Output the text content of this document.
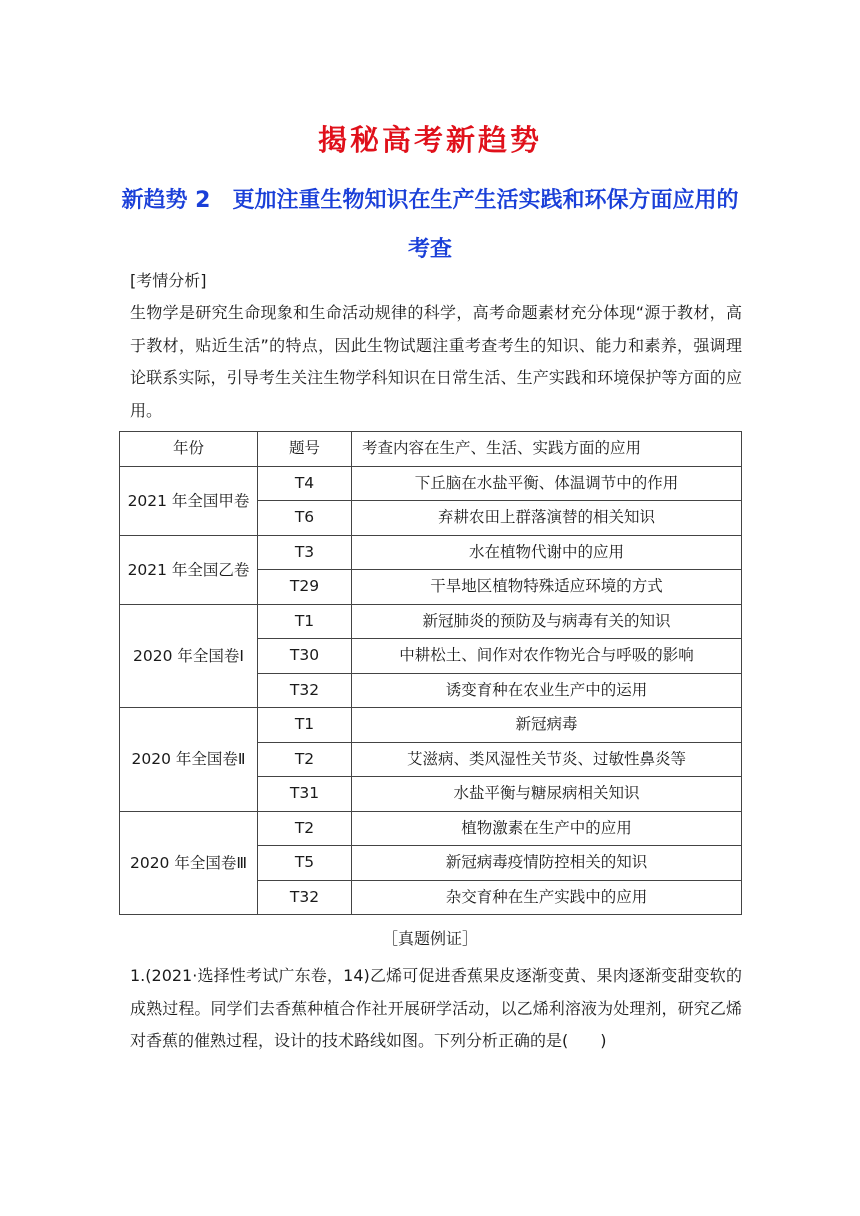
揭秘高考新趋势
新趋势 2　更加注重生物知识在生产生活实践和环保方面应用的考查
[考情分析]
生物学是研究生命现象和生命活动规律的科学，高考命题素材充分体现“源于教材，高于教材，贴近生活”的特点，因此生物试题注重考查考生的知识、能力和素养，强调理论联系实际，引导考生关注生物学科知识在日常生活、生产实践和环境保护等方面的应用。
年份	题号	考查内容在生产、生活、实践方面的应用
2021 年全国甲卷	T4	下丘脑在水盐平衡、体温调节中的作用
	T6	弃耕农田上群落演替的相关知识
2021 年全国乙卷	T3	水在植物代谢中的应用
	T29	干旱地区植物特殊适应环境的方式
2020 年全国卷Ⅰ	T1	新冠肺炎的预防及与病毒有关的知识
	T30	中耕松土、间作对农作物光合与呼吸的影响
	T32	诱变育种在农业生产中的运用
2020 年全国卷Ⅱ	T1	新冠病毒
	T2	艾滋病、类风湿性关节炎、过敏性鼻炎等
	T31	水盐平衡与糖尿病相关知识
2020 年全国卷Ⅲ	T2	植物激素在生产中的应用
	T5	新冠病毒疫情防控相关的知识
	T32	杂交育种在生产实践中的应用
［真题例证］
1.(2021·选择性考试广东卷，14)乙烯可促进香蕉果皮逐渐变黄、果肉逐渐变甜变软的成熟过程。同学们去香蕉种植合作社开展研学活动，以乙烯利溶液为处理剂，研究乙烯对香蕉的催熟过程，设计的技术路线如图。下列分析正确的是(　　)
